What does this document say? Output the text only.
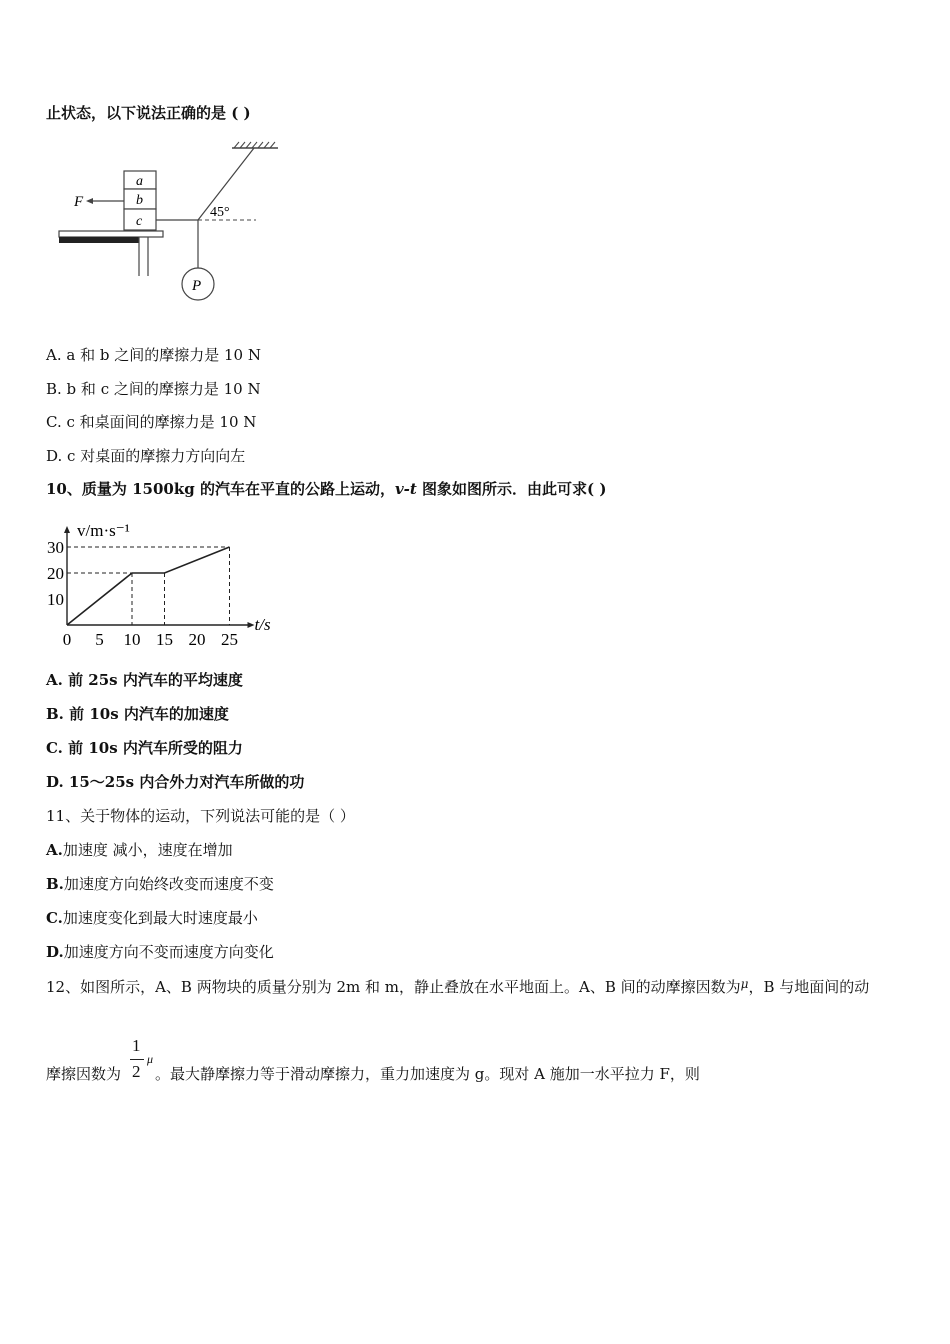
止状态，以下说法正确的是 ( )
P
45°
a
b
c
F
A. a 和 b 之间的摩擦力是 10 N
B. b 和 c 之间的摩擦力是 10 N
C. c 和桌面间的摩擦力是 10 N
D. c 对桌面的摩擦力方向向左
10、质量为 1500kg 的汽车在平直的公路上运动，v-t 图象如图所示．由此可求( )
v/m·s⁻¹
t/s
0 5 10 15 20 25
10
20
30
A. 前 25s 内汽车的平均速度
B. 前 10s 内汽车的加速度
C. 前 10s 内汽车所受的阻力
D. 15～25s 内合外力对汽车所做的功
11、关于物体的运动，下列说法可能的是（ ）
A.加速度 减小，速度在增加
B.加速度方向始终改变而速度不变
C.加速度变化到最大时速度最小
D.加速度方向不变而速度方向变化
12、如图所示，A、B 两物块的质量分别为 2m 和 m，静止叠放在水平地面上。A、B 间的动摩擦因数为$^\mu$，B 与地面间的动
摩擦因数为 。最大静摩擦力等于滑动摩擦力，重力加速度为 g。现对 A 施加一水平拉力 F，则
1
2
μ
